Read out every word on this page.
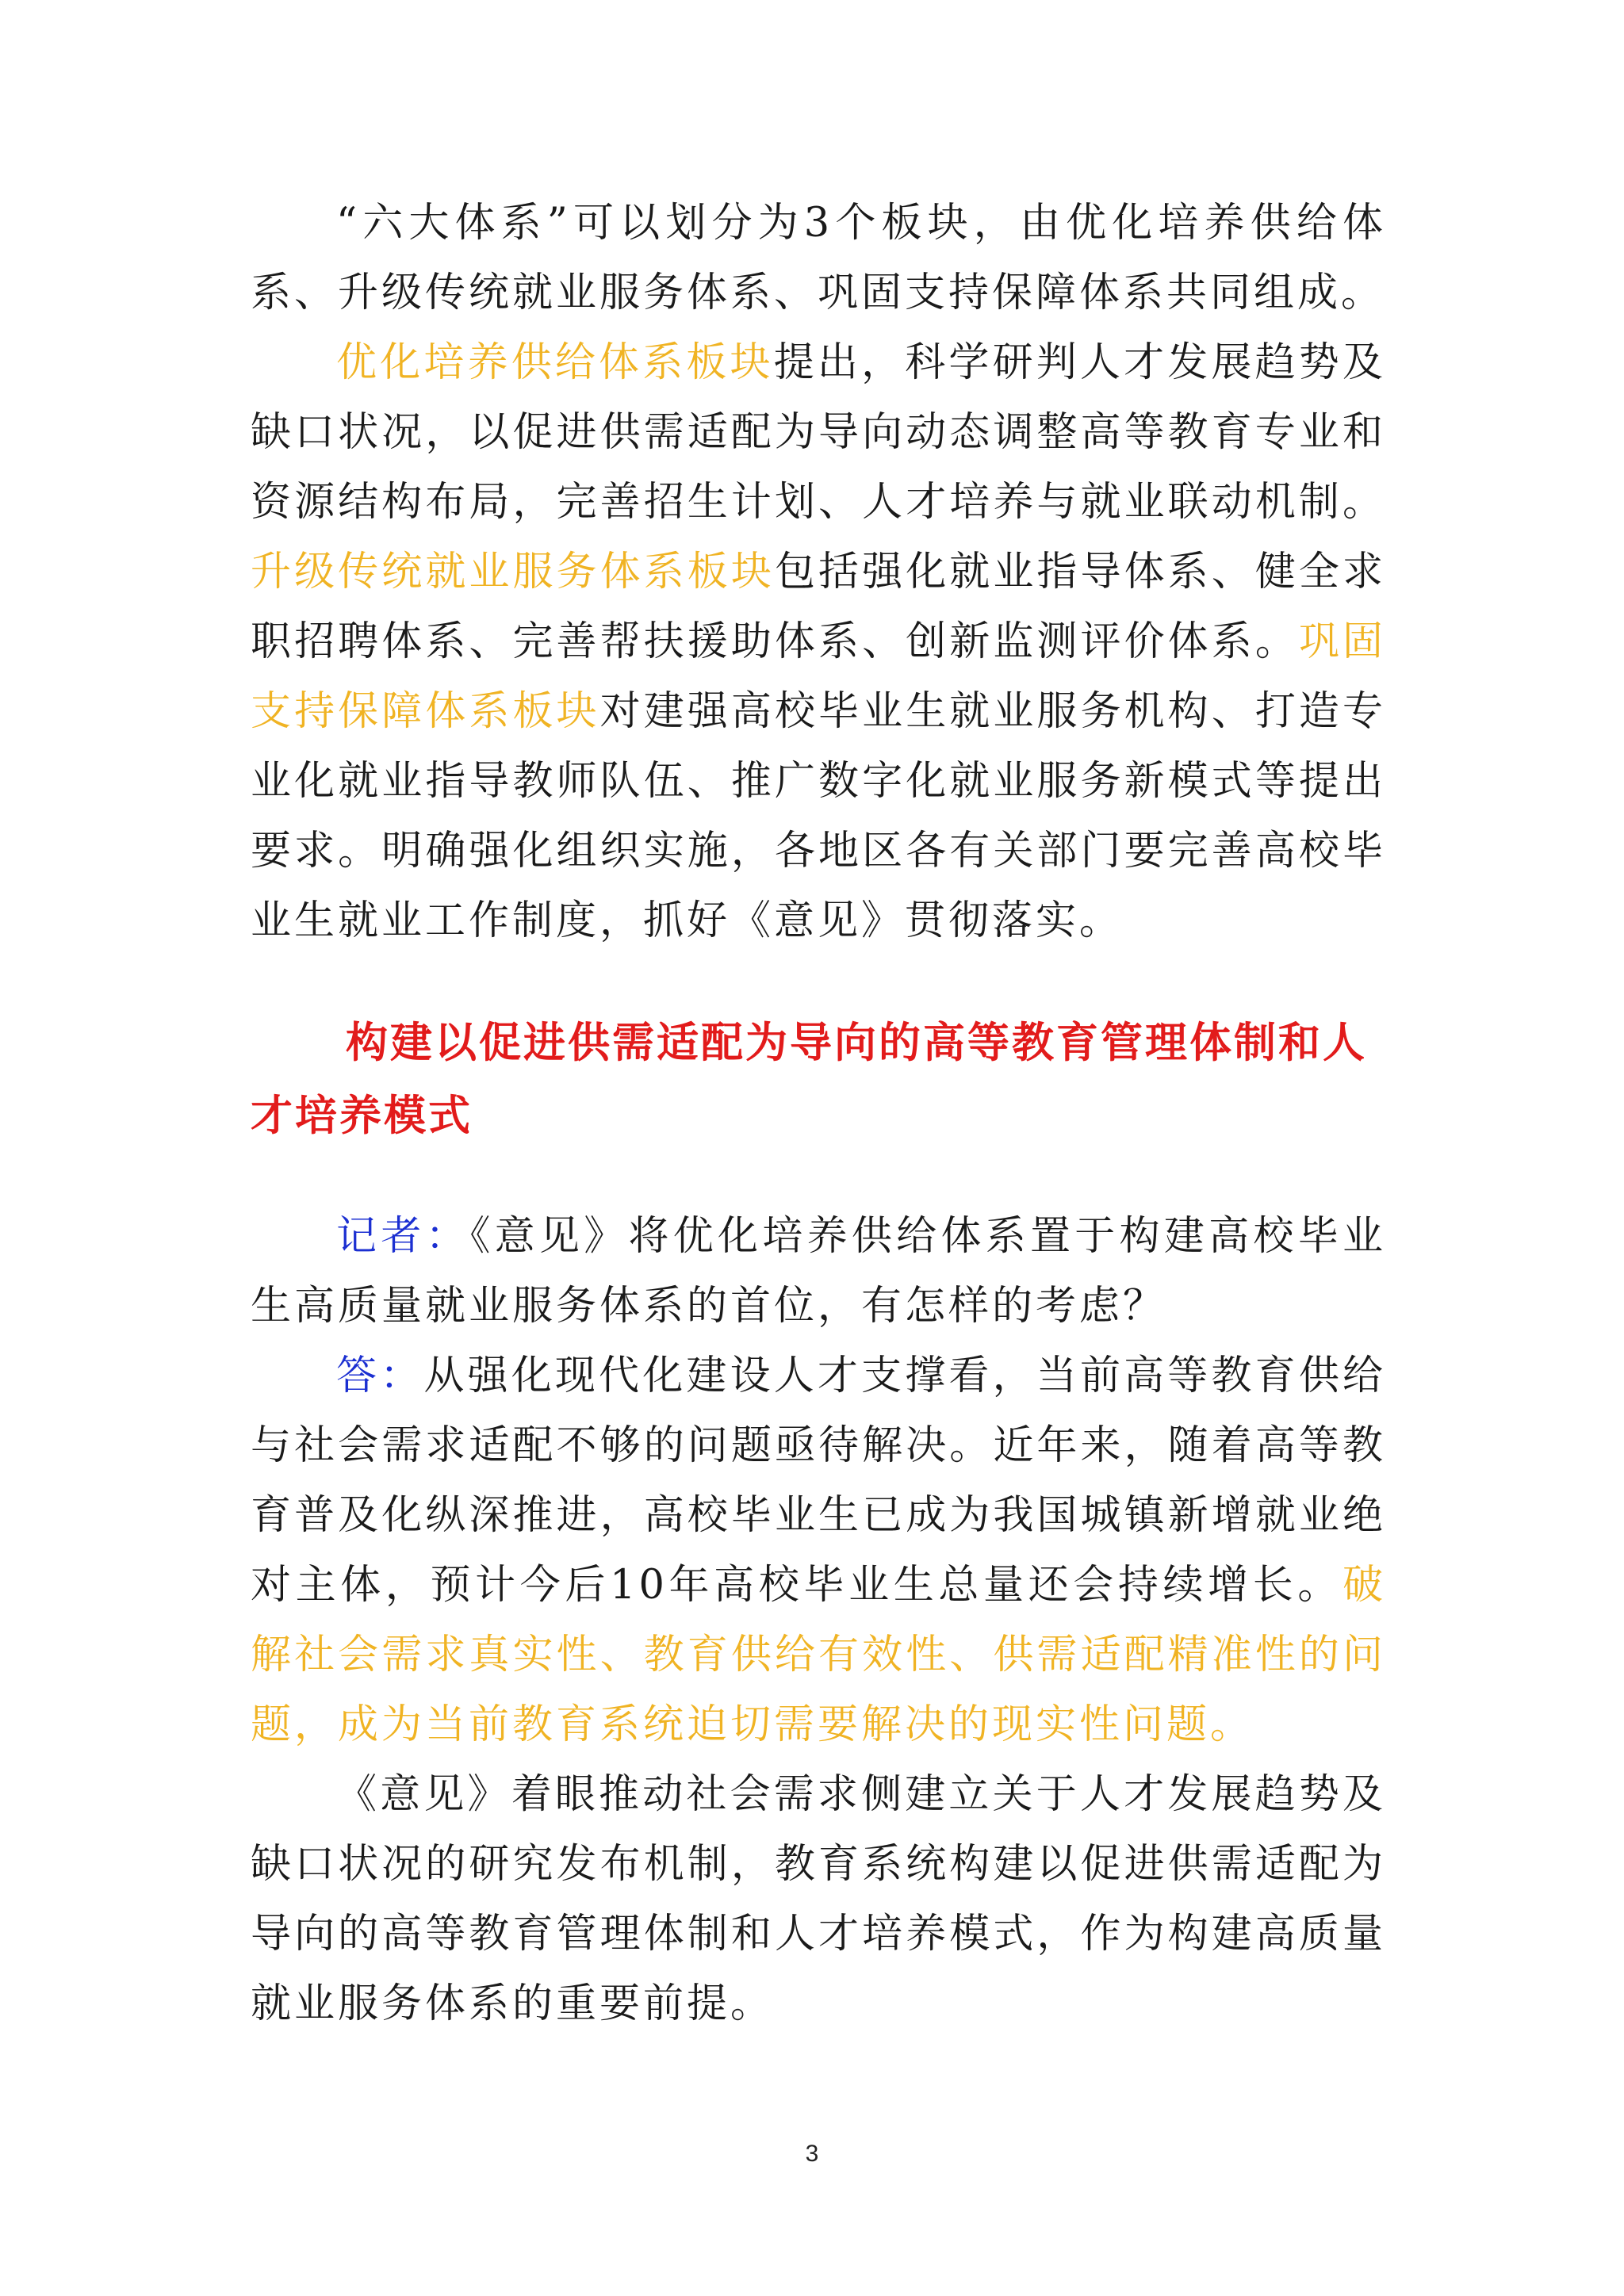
“六大体系”可以划分为3个板块，由优化培养供给体系、升级传统就业服务体系、巩固支持保障体系共同组成。

优化培养供给体系板块提出，科学研判人才发展趋势及缺口状况，以促进供需适配为导向动态调整高等教育专业和资源结构布局，完善招生计划、人才培养与就业联动机制。升级传统就业服务体系板块包括强化就业指导体系、健全求职招聘体系、完善帮扶援助体系、创新监测评价体系。巩固支持保障体系板块对建强高校毕业生就业服务机构、打造专业化就业指导教师队伍、推广数字化就业服务新模式等提出要求。明确强化组织实施，各地区各有关部门要完善高校毕业生就业工作制度，抓好《意见》贯彻落实。

构建以促进供需适配为导向的高等教育管理体制和人才培养模式

记者：《意见》将优化培养供给体系置于构建高校毕业生高质量就业服务体系的首位，有怎样的考虑？

答：从强化现代化建设人才支撑看，当前高等教育供给与社会需求适配不够的问题亟待解决。近年来，随着高等教育普及化纵深推进，高校毕业生已成为我国城镇新增就业绝对主体，预计今后10年高校毕业生总量还会持续增长。破解社会需求真实性、教育供给有效性、供需适配精准性的问题，成为当前教育系统迫切需要解决的现实性问题。

《意见》着眼推动社会需求侧建立关于人才发展趋势及缺口状况的研究发布机制，教育系统构建以促进供需适配为导向的高等教育管理体制和人才培养模式，作为构建高质量就业服务体系的重要前提。

3
